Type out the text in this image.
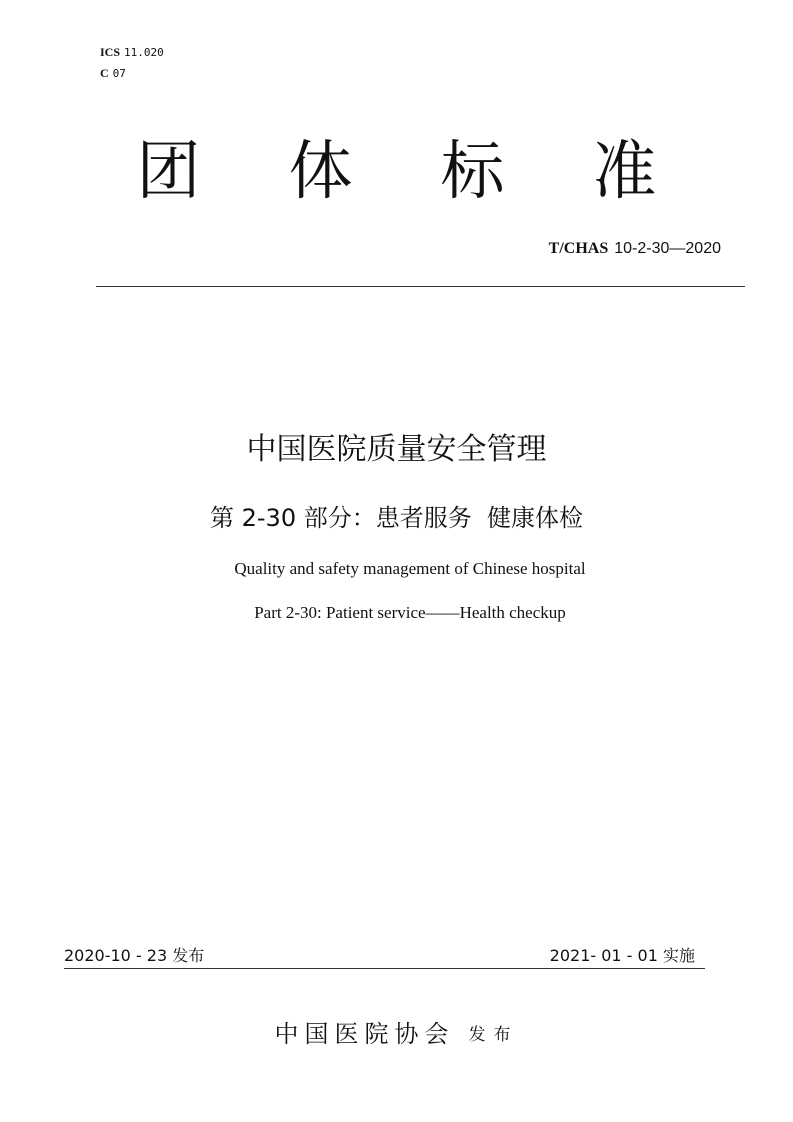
ICS 11.020
C 07
团	体	标	准
T/CHAS 10-2-30—2020
中国医院质量安全管理
第 2-30 部分：患者服务  健康体检
Quality and safety management of Chinese hospital
Part 2-30: Patient service——Health checkup
2020-10 - 23 发布	2021- 01 - 01 实施
中国医院协会 发布
